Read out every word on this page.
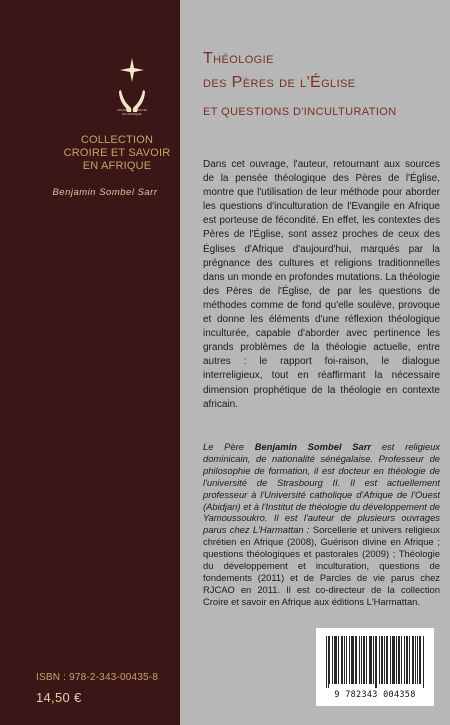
CROIRE ET SAVOIR
EN AFRIQUE
COLLECTION
CROIRE ET SAVOIR
EN AFRIQUE
Benjamin Sombel Sarr
ISBN : 978-2-343-00435-8
14,50 €
Théologie
des Pères de l'Église
ET QUESTIONS D'INCULTURATION
Dans cet ouvrage, l'auteur, retournant aux sources de la pensée théologique des Pères de l'Église, montre que l'utilisation de leur méthode pour aborder les questions d'inculturation de l'Evangile en Afrique est porteuse de fécondité. En effet, les contextes des Pères de l'Église, sont assez proches de ceux des Églises d'Afrique d'aujourd'hui, marqués par la prégnance des cultures et religions traditionnelles dans un monde en profondes mutations. La théologie des Pères de l'Église, de par les questions de méthodes comme de fond qu'elle soulève, provoque et donne les éléments d'une réflexion théologique inculturée, capable d'aborder avec pertinence les grands problèmes de la théologie actuelle, entre autres : le rapport foi-raison, le dialogue interreligieux, tout en réaffirmant la nécessaire dimension prophétique de la théologie en contexte africain.
Le Père Benjamin Sombel Sarr est religieux dominicain, de nationalité sénégalaise. Professeur de philosophie de formation, il est docteur en théologie de l'université de Strasbourg II. Il est actuellement professeur à l'Université catholique d'Afrique de l'Ouest (Abidjan) et à l'Institut de théologie du développement de Yamoussoukro. Il est l'auteur de plusieurs ouvrages parus chez L'Harmattan : Sorcellerie et univers religieux chrétien en Afrique (2008), Guérison divine en Afrique ; questions théologiques et pastorales (2009) ; Théologie du développement et inculturation, questions de fondements (2011) et de Parcles de vie parus chez RJCAO en 2011. Il est co-directeur de la collection Croire et savoir en Afrique aux éditions L'Harmattan.
9 782343 004358
